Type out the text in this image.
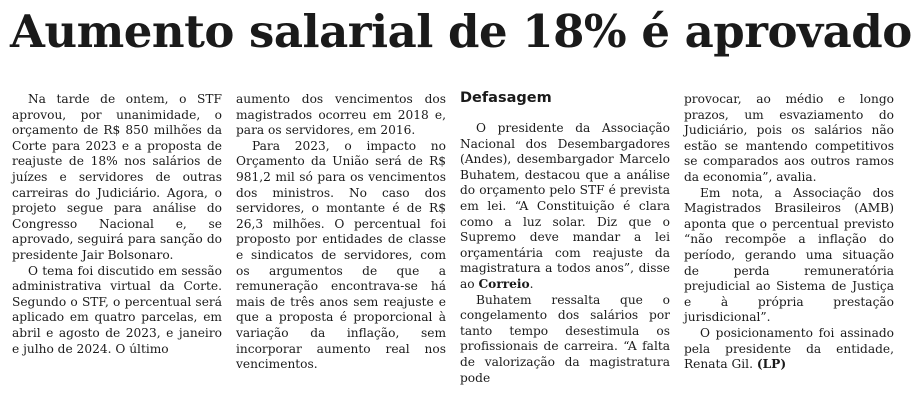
Aumento salarial de 18% é aprovado

Na tarde de ontem, o STF aprovou, por unanimidade, o orçamento de R$ 850 milhões da Corte para 2023 e a proposta de reajuste de 18% nos salários de juízes e servidores de outras carreiras do Judiciário. Agora, o projeto segue para análise do Congresso Nacional e, se aprovado, seguirá para sanção do presidente Jair Bolsonaro.

O tema foi discutido em sessão administrativa virtual da Corte. Segundo o STF, o percentual será aplicado em quatro parcelas, em abril e agosto de 2023, e janeiro e julho de 2024. O último

aumento dos vencimentos dos magistrados ocorreu em 2018 e, para os servidores, em 2016.

Para 2023, o impacto no Orçamento da União será de R$ 981,2 mil só para os vencimentos dos ministros. No caso dos servidores, o montante é de R$ 26,3 milhões. O percentual foi proposto por entidades de classe e sindicatos de servidores, com os argumentos de que a remuneração encontrava-se há mais de três anos sem reajuste e que a proposta é proporcional à variação da inflação, sem incorporar aumento real nos vencimentos.

Defasagem

O presidente da Associação Nacional dos Desembargadores (Andes), desembargador Marcelo Buhatem, destacou que a análise do orçamento pelo STF é prevista em lei. “A Constituição é clara como a luz solar. Diz que o Supremo deve mandar a lei orçamentária com reajuste da magistratura a todos anos”, disse ao Correio.

Buhatem ressalta que o congelamento dos salários por tanto tempo desestimula os profissionais de carreira. “A falta de valorização da magistratura pode

provocar, ao médio e longo prazos, um esvaziamento do Judiciário, pois os salários não estão se mantendo competitivos se comparados aos outros ramos da economia”, avalia.

Em nota, a Associação dos Magistrados Brasileiros (AMB) aponta que o percentual previsto “não recompõe a inflação do período, gerando uma situação de perda remuneratória prejudicial ao Sistema de Justiça e à própria prestação jurisdicional”.

O posicionamento foi assinado pela presidente da entidade, Renata Gil. (LP)
